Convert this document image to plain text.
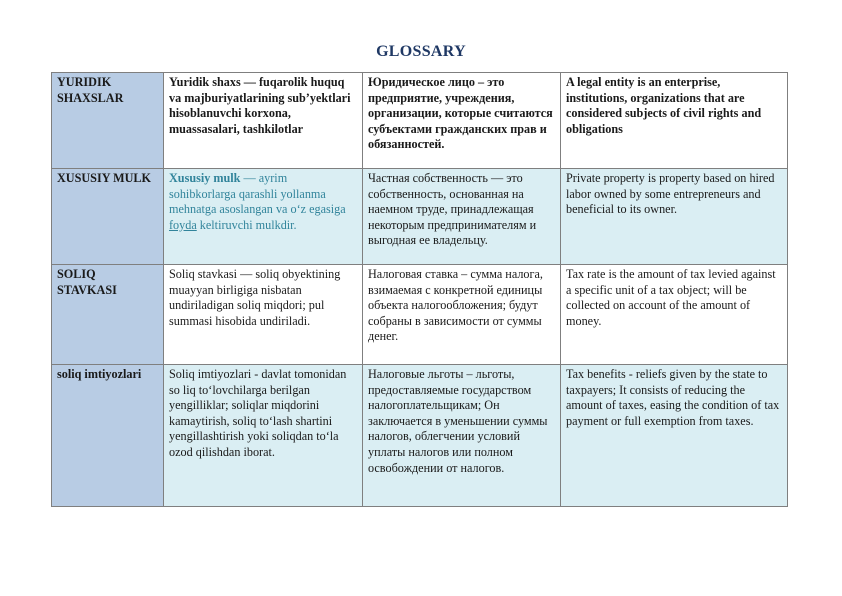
GLOSSARY
YURIDIK SHAXSLAR	Yuridik shaxs — fuqarolik huquq va majburiyatlarining sub’yektlari hisoblanuvchi korxona, muassasalari, tashkilotlar	Юридическое лицо – это предприятие, учреждения, организации, которые считаются субъектами гражданских прав и обязанностей.	A legal entity is an enterprise, institutions, organizations that are considered subjects of civil rights and obligations
XUSUSIY MULK	Xususiy mulk — ayrim sohibkorlarga qarashli yollanma mehnatga asoslangan va o‘z egasiga foyda keltiruvchi mulkdir.	Частная собственность — это собственность, основанная на наемном труде, принадлежащая некоторым предпринимателям и выгодная ее владельцу.	Private property is property based on hired labor owned by some entrepreneurs and beneficial to its owner.
SOLIQ STAVKASI	Soliq stavkasi — soliq obyektining muayyan birligiga nisbatan undiriladigan soliq miqdori; pul summasi hisobida undiriladi.	Налоговая ставка – сумма налога, взимаемая с конкретной единицы объекта налогообложения; будут собраны в зависимости от суммы денег.	Tax rate is the amount of tax levied against a specific unit of a tax object; will be collected on account of the amount of money.
soliq imtiyozlari	Soliq imtiyozlari - davlat tomonidan so liq to‘lovchilarga berilgan yengilliklar; soliqlar miqdorini kamaytirish, soliq to‘lash shartini yengillashtirish yoki soliqdan to‘la ozod qilishdan iborat.	Налоговые льготы – льготы, предоставляемые государством налогоплательщикам; Он заключается в уменьшении суммы налогов, облегчении условий уплаты налогов или полном освобождении от налогов.	Tax benefits - reliefs given by the state to taxpayers; It consists of reducing the amount of taxes, easing the condition of tax payment or full exemption from taxes.
